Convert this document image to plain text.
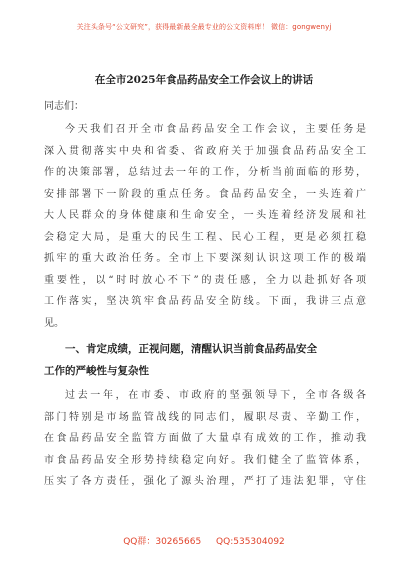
关注头条号“公文研究”，获得最新最全最专业的公文资料库！ 微信：gongwenyj
在全市2025年食品药品安全工作会议上的讲话
同志们：
今天我们召开全市食品药品安全工作会议，主要任务是
深入贯彻落实中央和省委、省政府关于加强食品药品安全工
作的决策部署，总结过去一年的工作，分析当前面临的形势，
安排部署下一阶段的重点任务。食品药品安全，一头连着广
大人民群众的身体健康和生命安全，一头连着经济发展和社
会稳定大局，是重大的民生工程、民心工程，更是必须扛稳
抓牢的重大政治任务。全市上下要深刻认识这项工作的极端
重要性，以“时时放心不下”的责任感，全力以赴抓好各项
工作落实，坚决筑牢食品药品安全防线。下面，我讲三点意
见。
一、肯定成绩，正视问题，清醒认识当前食品药品安全
工作的严峻性与复杂性
过去一年，在市委、市政府的坚强领导下，全市各级各
部门特别是市场监管战线的同志们，履职尽责、辛勤工作，
在食品药品安全监管方面做了大量卓有成效的工作，推动我
市食品药品安全形势持续稳定向好。我们健全了监管体系，
压实了各方责任，强化了源头治理，严打了违法犯罪，守住
QQ群：30265665 QQ:535304092
